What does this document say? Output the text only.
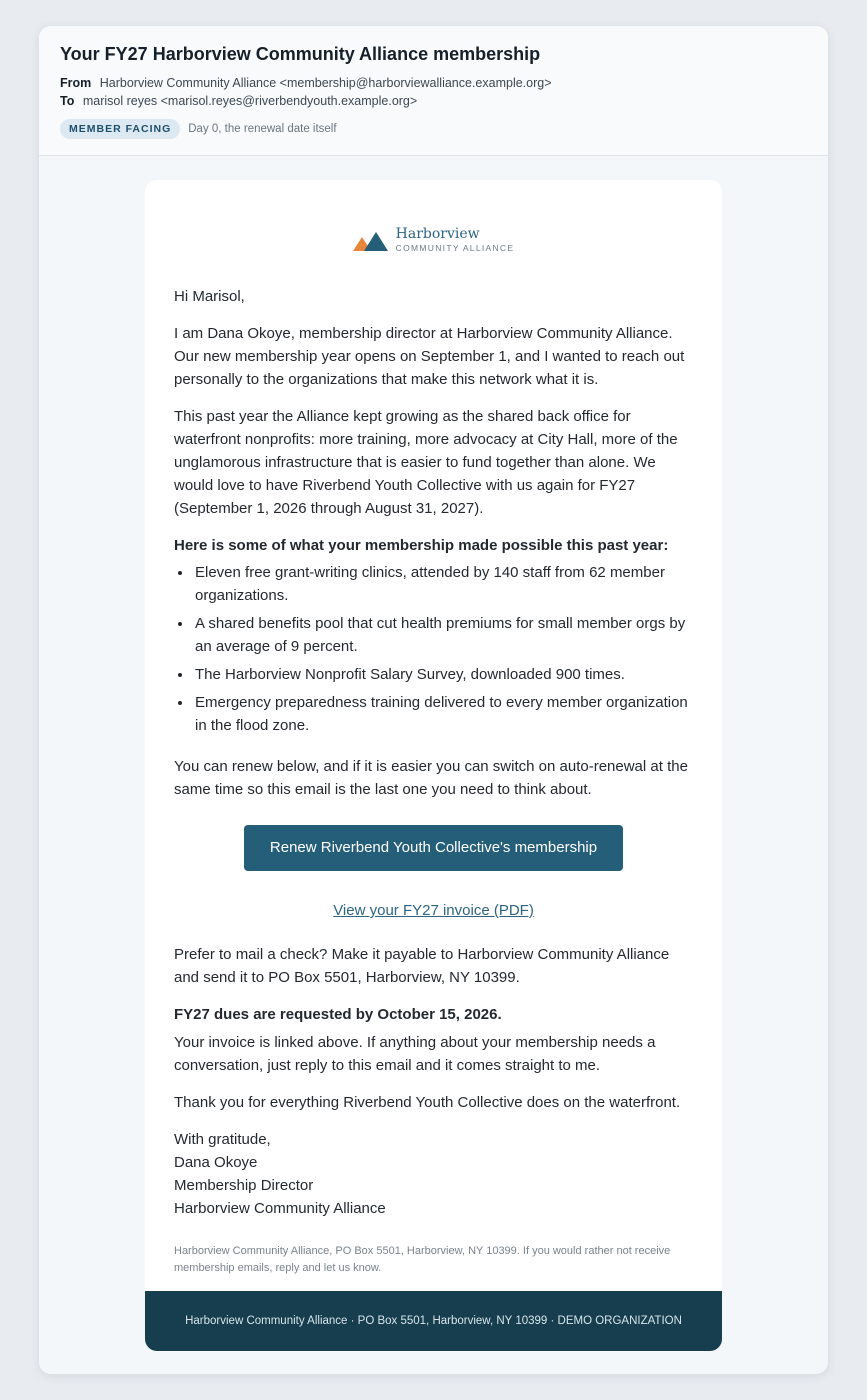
Your FY27 Harborview Community Alliance membership
From Harborview Community Alliance <membership@harborviewalliance.example.org>
To marisol reyes <marisol.reyes@riverbendyouth.example.org>
MEMBER FACING	Day 0, the renewal date itself
Harborview
COMMUNITY ALLIANCE

Hi Marisol,

I am Dana Okoye, membership director at Harborview Community Alliance. Our new membership year opens on September 1, and I wanted to reach out personally to the organizations that make this network what it is.

This past year the Alliance kept growing as the shared back office for waterfront nonprofits: more training, more advocacy at City Hall, more of the unglamorous infrastructure that is easier to fund together than alone. We would love to have Riverbend Youth Collective with us again for FY27 (September 1, 2026 through August 31, 2027).

Here is some of what your membership made possible this past year:

• Eleven free grant-writing clinics, attended by 140 staff from 62 member organizations.
• A shared benefits pool that cut health premiums for small member orgs by an average of 9 percent.
• The Harborview Nonprofit Salary Survey, downloaded 900 times.
• Emergency preparedness training delivered to every member organization in the flood zone.

You can renew below, and if it is easier you can switch on auto-renewal at the same time so this email is the last one you need to think about.

Renew Riverbend Youth Collective's membership
View your FY27 invoice (PDF)

Prefer to mail a check? Make it payable to Harborview Community Alliance and send it to PO Box 5501, Harborview, NY 10399.

FY27 dues are requested by October 15, 2026.

Your invoice is linked above. If anything about your membership needs a conversation, just reply to this email and it comes straight to me.

Thank you for everything Riverbend Youth Collective does on the waterfront.

With gratitude,
Dana Okoye
Membership Director
Harborview Community Alliance
Harborview Community Alliance, PO Box 5501, Harborview, NY 10399. If you would rather not receive membership emails, reply and let us know.
Harborview Community Alliance · PO Box 5501, Harborview, NY 10399 · DEMO ORGANIZATION
